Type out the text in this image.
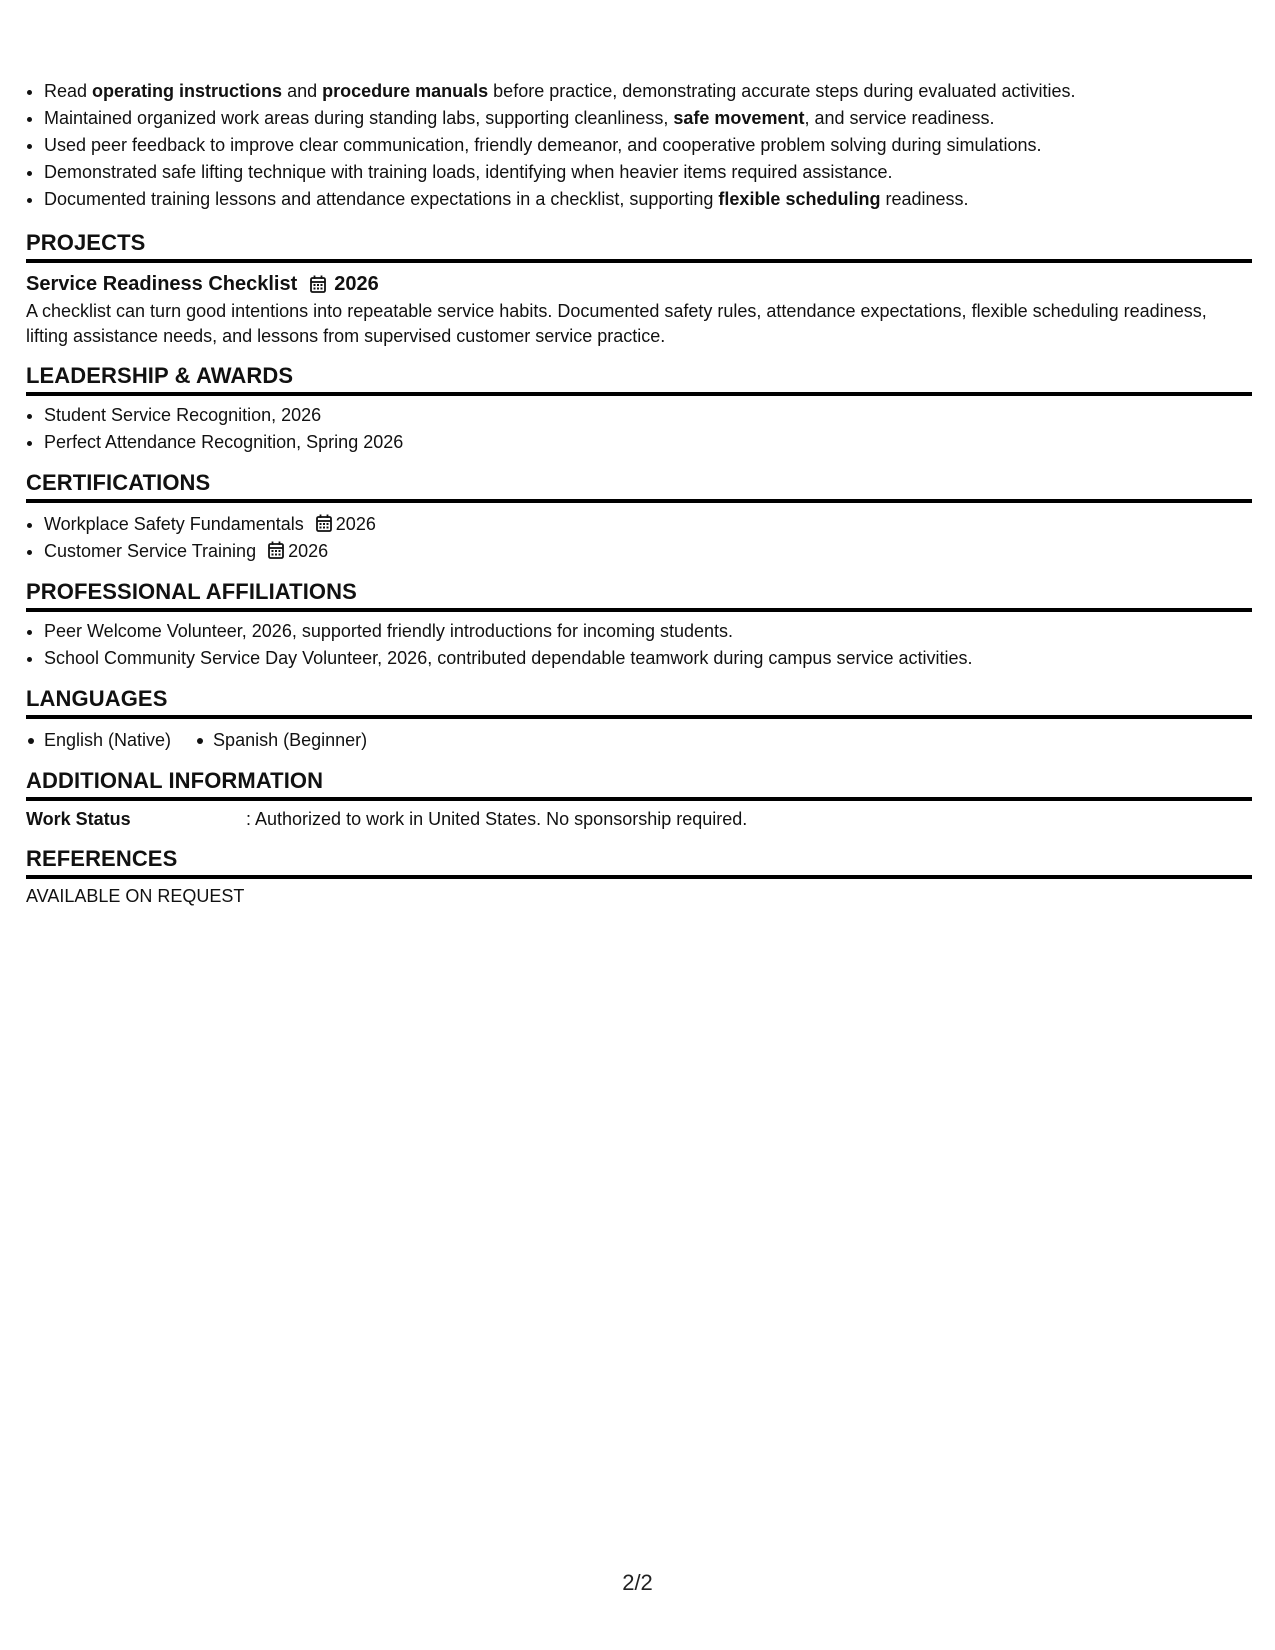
• Read operating instructions and procedure manuals before practice, demonstrating accurate steps during evaluated activities.
• Maintained organized work areas during standing labs, supporting cleanliness, safe movement, and service readiness.
• Used peer feedback to improve clear communication, friendly demeanor, and cooperative problem solving during simulations.
• Demonstrated safe lifting technique with training loads, identifying when heavier items required assistance.
• Documented training lessons and attendance expectations in a checklist, supporting flexible scheduling readiness.
PROJECTS
Service Readiness Checklist 2026

A checklist can turn good intentions into repeatable service habits. Documented safety rules, attendance expectations, flexible scheduling readiness, lifting assistance needs, and lessons from supervised customer service practice.

LEADERSHIP & AWARDS
• Student Service Recognition, 2026
• Perfect Attendance Recognition, Spring 2026
CERTIFICATIONS
• Workplace Safety Fundamentals 2026
• Customer Service Training 2026
PROFESSIONAL AFFILIATIONS
• Peer Welcome Volunteer, 2026, supported friendly introductions for incoming students.
• School Community Service Day Volunteer, 2026, contributed dependable teamwork during campus service activities.
LANGUAGES
English (Native)	Spanish (Beginner)
ADDITIONAL INFORMATION
Work Status	: Authorized to work in United States. No sponsorship required.
REFERENCES
AVAILABLE ON REQUEST
2/2
